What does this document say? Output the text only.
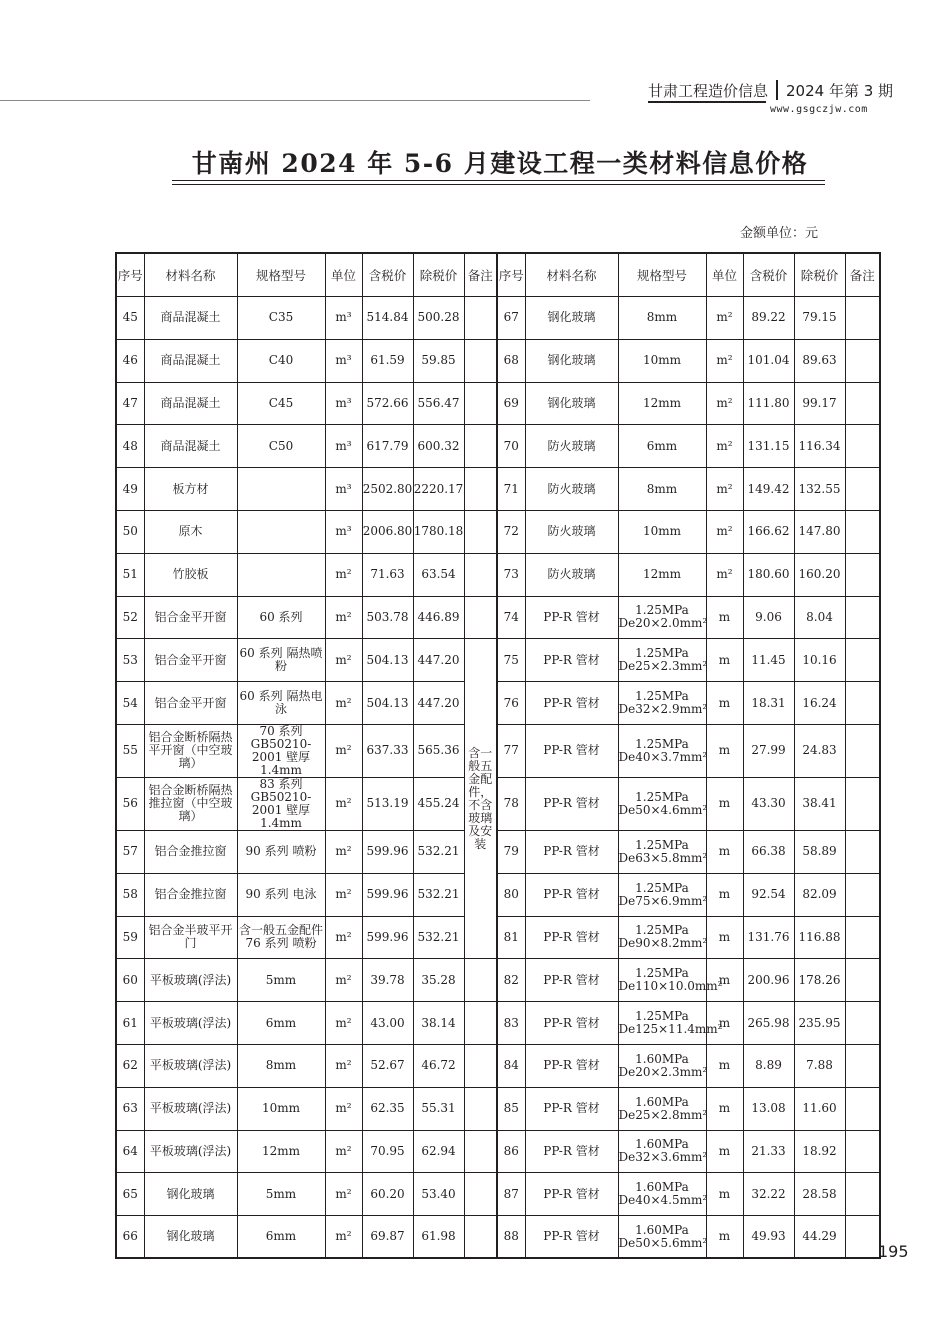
甘肃工程造价信息 2024 年第 3 期
www.gsgczjw.com
甘南州 2024 年 5-6 月建设工程一类材料信息价格
金额单位：元
序号	材料名称	规格型号	单位	含税价	除税价	备注	序号	材料名称	规格型号	单位	含税价	除税价	备注
45	商品混凝土	C35	m³	514.84	500.28		67	钢化玻璃	8mm	m²	89.22	79.15	
46	商品混凝土	C40	m³	61.59	59.85		68	钢化玻璃	10mm	m²	101.04	89.63	
47	商品混凝土	C45	m³	572.66	556.47		69	钢化玻璃	12mm	m²	111.80	99.17	
48	商品混凝土	C50	m³	617.79	600.32		70	防火玻璃	6mm	m²	131.15	116.34	
49	板方材		m³	2502.80	2220.17		71	防火玻璃	8mm	m²	149.42	132.55	
50	原木		m³	2006.80	1780.18		72	防火玻璃	10mm	m²	166.62	147.80	
51	竹胶板		m²	71.63	63.54		73	防火玻璃	12mm	m²	180.60	160.20	
52	铝合金平开窗	60 系列	m²	503.78	446.89		74	PP-R 管材	1.25MPa De20×2.0mm²	m	9.06	8.04	
53	铝合金平开窗	60 系列 隔热喷粉	m²	504.13	447.20	含一般五金配件，不含玻璃及安装	75	PP-R 管材	1.25MPa De25×2.3mm²	m	11.45	10.16	
54	铝合金平开窗	60 系列 隔热电泳	m²	504.13	447.20		76	PP-R 管材	1.25MPa De32×2.9mm²	m	18.31	16.24	
55	铝合金断桥隔热平开窗（中空玻璃）	70 系列 GB50210-2001 壁厚 1.4mm	m²	637.33	565.36		77	PP-R 管材	1.25MPa De40×3.7mm²	m	27.99	24.83	
56	铝合金断桥隔热推拉窗（中空玻璃）	83 系列 GB50210-2001 壁厚 1.4mm	m²	513.19	455.24		78	PP-R 管材	1.25MPa De50×4.6mm²	m	43.30	38.41	
57	铝合金推拉窗	90 系列 喷粉	m²	599.96	532.21		79	PP-R 管材	1.25MPa De63×5.8mm²	m	66.38	58.89	
58	铝合金推拉窗	90 系列 电泳	m²	599.96	532.21		80	PP-R 管材	1.25MPa De75×6.9mm²	m	92.54	82.09	
59	铝合金半玻平开门	含一般五金配件 76 系列 喷粉	m²	599.96	532.21		81	PP-R 管材	1.25MPa De90×8.2mm²	m	131.76	116.88	
60	平板玻璃(浮法)	5mm	m²	39.78	35.28		82	PP-R 管材	1.25MPa De110×10.0mm²	m	200.96	178.26	
61	平板玻璃(浮法)	6mm	m²	43.00	38.14		83	PP-R 管材	1.25MPa De125×11.4mm²	m	265.98	235.95	
62	平板玻璃(浮法)	8mm	m²	52.67	46.72		84	PP-R 管材	1.60MPa De20×2.3mm²	m	8.89	7.88	
63	平板玻璃(浮法)	10mm	m²	62.35	55.31		85	PP-R 管材	1.60MPa De25×2.8mm²	m	13.08	11.60	
64	平板玻璃(浮法)	12mm	m²	70.95	62.94		86	PP-R 管材	1.60MPa De32×3.6mm²	m	21.33	18.92	
65	钢化玻璃	5mm	m²	60.20	53.40		87	PP-R 管材	1.60MPa De40×4.5mm²	m	32.22	28.58	
66	钢化玻璃	6mm	m²	69.87	61.98		88	PP-R 管材	1.60MPa De50×5.6mm²	m	49.93	44.29	
195
